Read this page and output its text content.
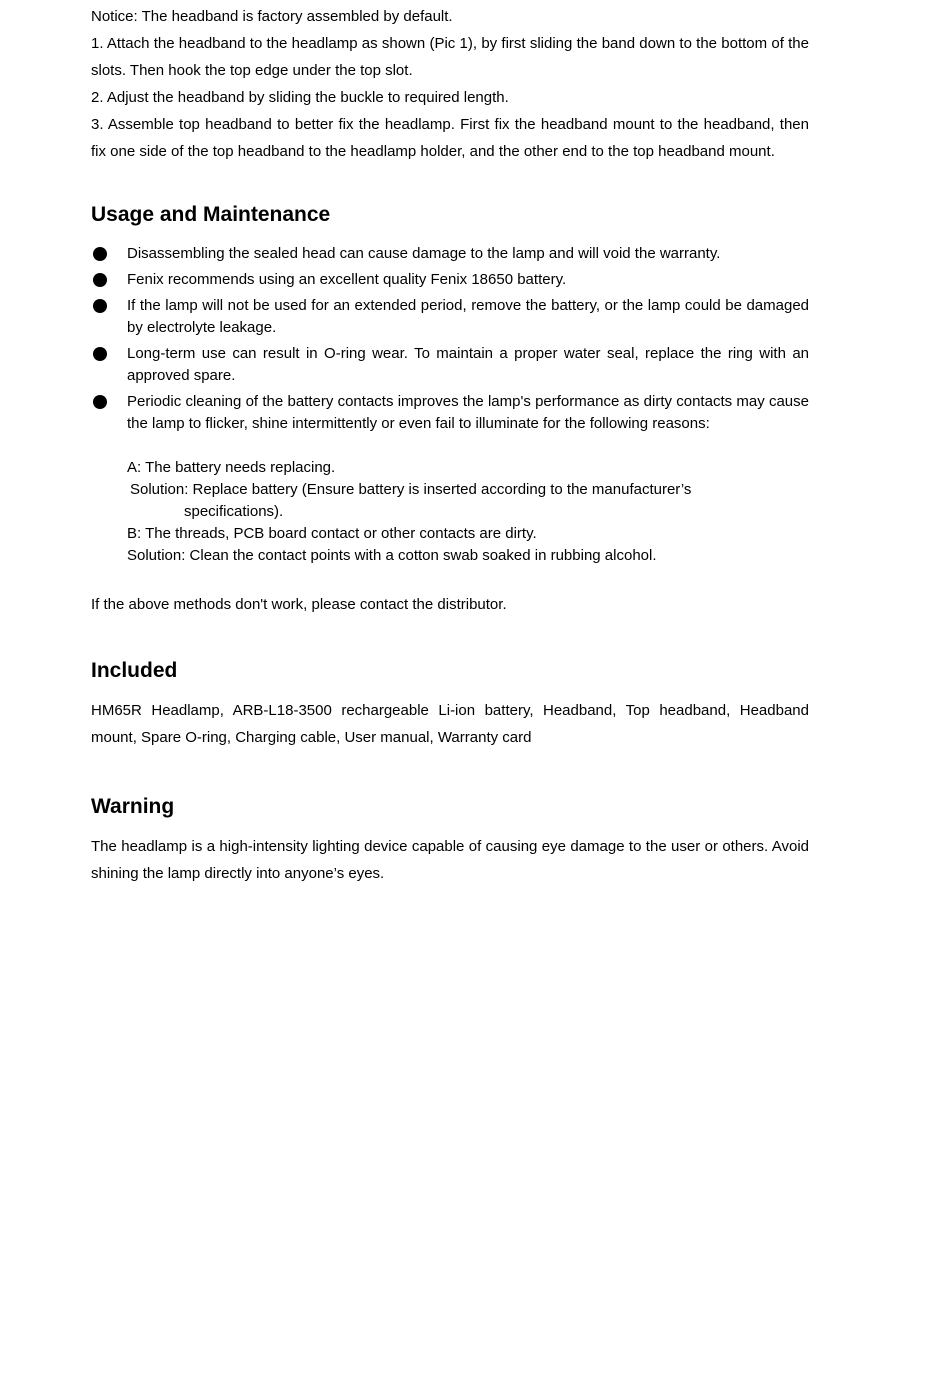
Notice: The headband is factory assembled by default.

1. Attach the headband to the headlamp as shown (Pic 1), by first sliding the band down to the bottom of the slots. Then hook the top edge under the top slot.

2. Adjust the headband by sliding the buckle to required length.

3. Assemble top headband to better fix the headlamp. First fix the headband mount to the headband, then fix one side of the top headband to the headlamp holder, and the other end to the top headband mount.

Usage and Maintenance
Disassembling the sealed head can cause damage to the lamp and will void the warranty.
Fenix recommends using an excellent quality Fenix 18650 battery.
If the lamp will not be used for an extended period, remove the battery, or the lamp could be damaged by electrolyte leakage.
Long-term use can result in O-ring wear. To maintain a proper water seal, replace the ring with an approved spare.
Periodic cleaning of the battery contacts improves the lamp's performance as dirty contacts may cause the lamp to flicker, shine intermittently or even fail to illuminate for the following reasons:

A: The battery needs replacing.

Solution: Replace battery (Ensure battery is inserted according to the manufacturer’s
specifications).

B: The threads, PCB board contact or other contacts are dirty.

Solution: Clean the contact points with a cotton swab soaked in rubbing alcohol.

If the above methods don't work, please contact the distributor.

Included

HM65R Headlamp, ARB-L18-3500 rechargeable Li-ion battery, Headband, Top headband, Headband mount, Spare O-ring, Charging cable, User manual, Warranty card

Warning

The headlamp is a high-intensity lighting device capable of causing eye damage to the user or others. Avoid shining the lamp directly into anyone’s eyes.
